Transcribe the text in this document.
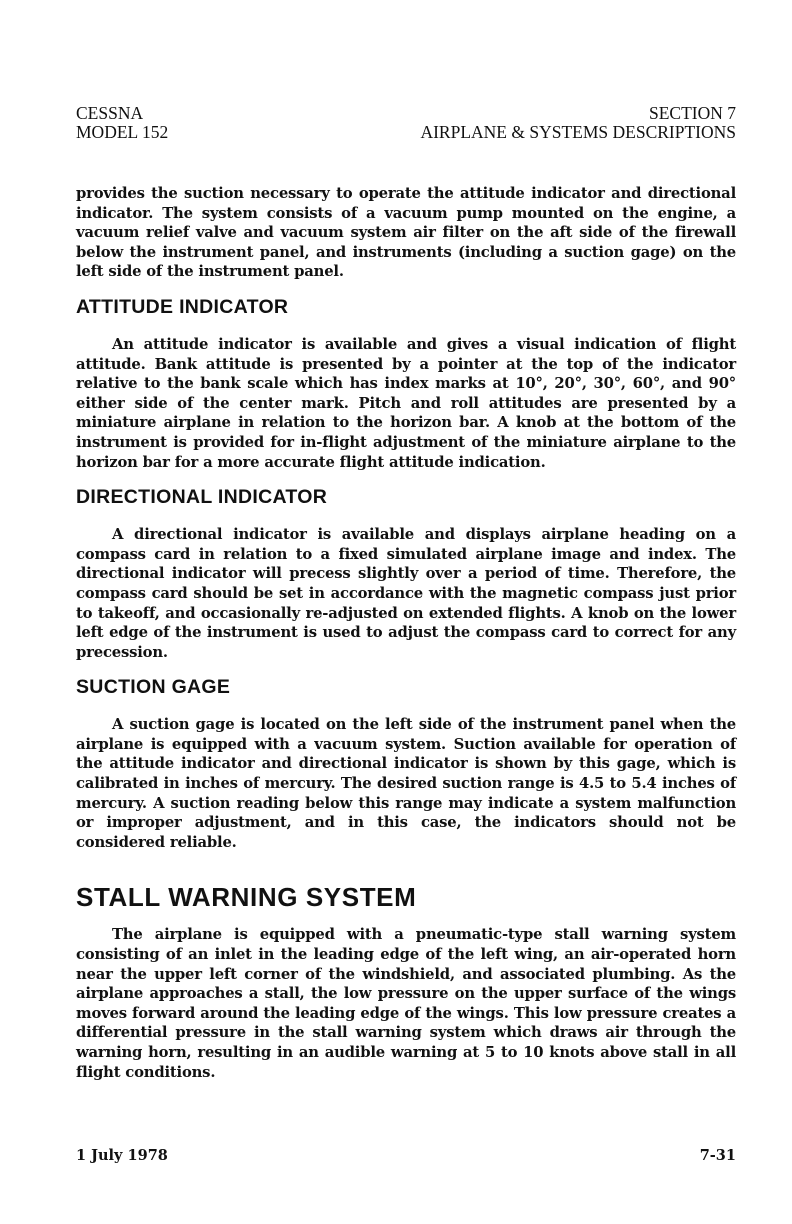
CESSNA
MODEL 152
SECTION 7
AIRPLANE & SYSTEMS DESCRIPTIONS

provides the suction necessary to operate the attitude indicator and directional indicator. The system consists of a vacuum pump mounted on the engine, a vacuum relief valve and vacuum system air filter on the aft side of the firewall below the instrument panel, and instruments (including a suction gage) on the left side of the instrument panel.

ATTITUDE INDICATOR

An attitude indicator is available and gives a visual indication of flight attitude. Bank attitude is presented by a pointer at the top of the indicator relative to the bank scale which has index marks at 10°, 20°, 30°, 60°, and 90° either side of the center mark. Pitch and roll attitudes are presented by a miniature airplane in relation to the horizon bar. A knob at the bottom of the instrument is provided for in-flight adjustment of the miniature airplane to the horizon bar for a more accurate flight attitude indication.

DIRECTIONAL INDICATOR

A directional indicator is available and displays airplane heading on a compass card in relation to a fixed simulated airplane image and index. The directional indicator will precess slightly over a period of time. Therefore, the compass card should be set in accordance with the magnetic compass just prior to takeoff, and occasionally re-adjusted on extended flights. A knob on the lower left edge of the instrument is used to adjust the compass card to correct for any precession.

SUCTION GAGE

A suction gage is located on the left side of the instrument panel when the airplane is equipped with a vacuum system. Suction available for operation of the attitude indicator and directional indicator is shown by this gage, which is calibrated in inches of mercury. The desired suction range is 4.5 to 5.4 inches of mercury. A suction reading below this range may indicate a system malfunction or improper adjustment, and in this case, the indicators should not be considered reliable.

STALL WARNING SYSTEM

The airplane is equipped with a pneumatic-type stall warning system consisting of an inlet in the leading edge of the left wing, an air-operated horn near the upper left corner of the windshield, and associated plumbing. As the airplane approaches a stall, the low pressure on the upper surface of the wings moves forward around the leading edge of the wings. This low pressure creates a differential pressure in the stall warning system which draws air through the warning horn, resulting in an audible warning at 5 to 10 knots above stall in all flight conditions.

1 July 1978	7-31
